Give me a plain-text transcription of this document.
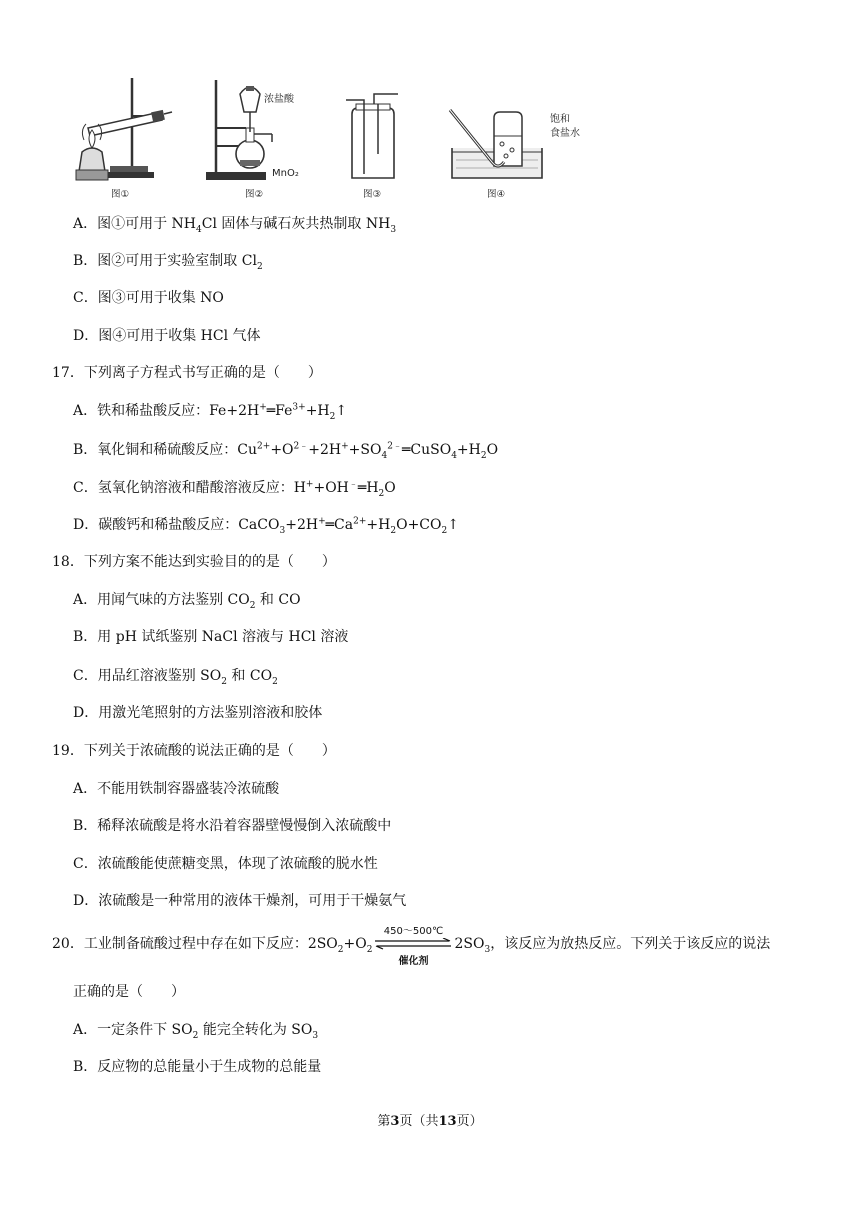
图①
浓盐酸
MnO₂
图②	图③
饱和
食盐水
图④
A．图①可用于 $NH_4Cl$ 固体与碱石灰共热制取 $NH_3$
B．图②可用于实验室制取 $Cl_2$
C．图③可用于收集 NO
D．图④可用于收集 HCl 气体
17．下列离子方程式书写正确的是（　　）
A．铁和稀盐酸反应：$Fe+2H^+═Fe^{3+}+H_2↑$
B．氧化铜和稀硫酸反应：$Cu^{2+}+O^{2﹣}+2H^++SO_4^{2﹣}═CuSO_4+H_2O$
C．氢氧化钠溶液和醋酸溶液反应：$H^++OH^﹣═H_2O$
D．碳酸钙和稀盐酸反应：$CaCO_3+2H^+═Ca^{2+}+H_2O+CO_2↑$
18．下列方案不能达到实验目的的是（　　）
A．用闻气味的方法鉴别 $CO_2$ 和 CO
B．用 pH 试纸鉴别 NaCl 溶液与 HCl 溶液
C．用品红溶液鉴别 $SO_2$ 和 $CO_2$
D．用激光笔照射的方法鉴别溶液和胶体
19．下列关于浓硫酸的说法正确的是（　　）
A．不能用铁制容器盛装冷浓硫酸
B．稀释浓硫酸是将水沿着容器壁慢慢倒入浓硫酸中
C．浓硫酸能使蔗糖变黑，体现了浓硫酸的脱水性
D．浓硫酸是一种常用的液体干燥剂，可用于干燥氨气
20．工业制备硫酸过程中存在如下反应：$2SO_2+O_2$
450～500℃
催化剂
$2SO_3$，该反应为放热反应。下列关于该反应的说法
正确的是（　　）
A．一定条件下 $SO_2$ 能完全转化为 $SO_3$
B．反应物的总能量小于生成物的总能量
第3页（共13页）
